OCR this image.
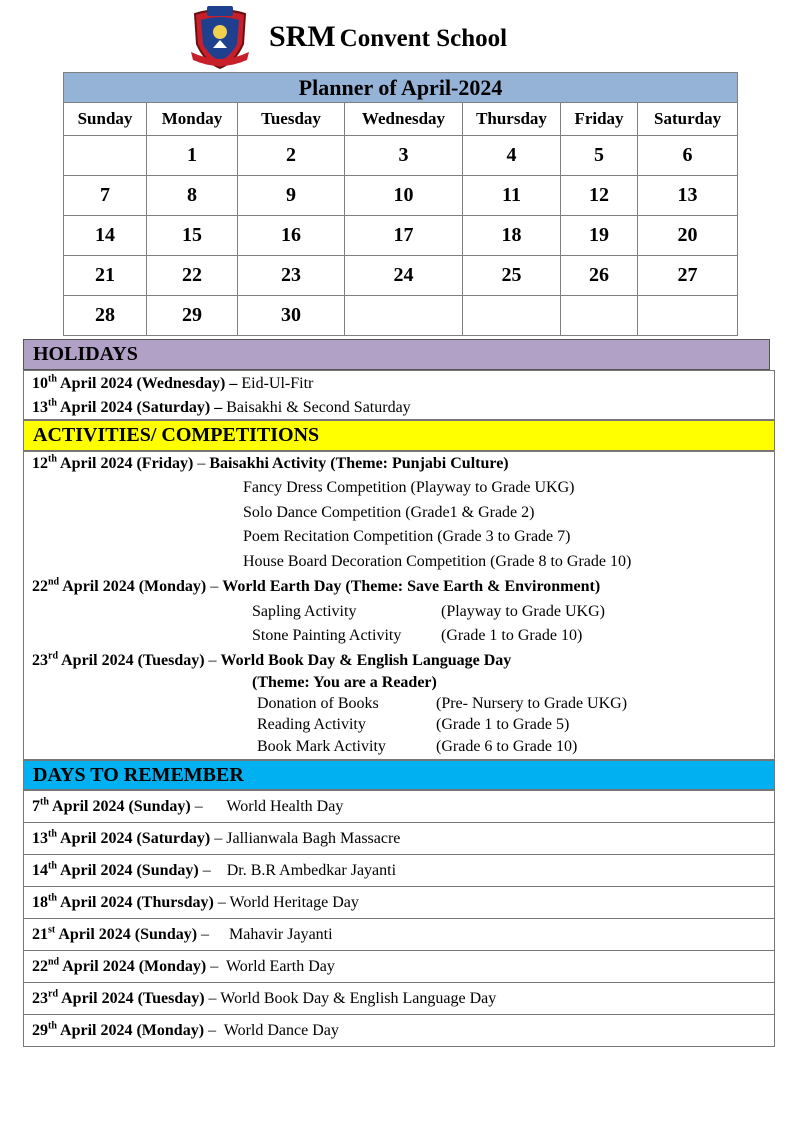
SRM Convent School
Planner of April-2024						
Sunday	Monday	Tuesday	Wednesday	Thursday	Friday	Saturday
	1	2	3	4	5	6
7	8	9	10	11	12	13
14	15	16	17	18	19	20
21	22	23	24	25	26	27
28	29	30				
HOLIDAYS
10th April 2024 (Wednesday) – Eid-Ul-Fitr
13th April 2024 (Saturday) – Baisakhi & Second Saturday
ACTIVITIES/ COMPETITIONS
12th April 2024 (Friday) – Baisakhi Activity (Theme: Punjabi Culture)
Fancy Dress Competition (Playway to Grade UKG)
Solo Dance Competition (Grade1 & Grade 2)
Poem Recitation Competition (Grade 3 to Grade 7)
House Board Decoration Competition (Grade 8 to Grade 10)
22nd April 2024 (Monday) – World Earth Day (Theme: Save Earth & Environment)
Sapling Activity	(Playway to Grade UKG)
Stone Painting Activity (Grade 1 to Grade 10)
23rd April 2024 (Tuesday) – World Book Day & English Language Day
(Theme: You are a Reader)
Donation of Books	(Pre- Nursery to Grade UKG)
Reading Activity	(Grade 1 to Grade 5)
Book Mark Activity	(Grade 6 to Grade 10)
DAYS TO REMEMBER
7th April 2024 (Sunday) –      World Health Day
13th April 2024 (Saturday) – Jallianwala Bagh Massacre
14th April 2024 (Sunday) –    Dr. B.R Ambedkar Jayanti
18th April 2024 (Thursday) – World Heritage Day
21st April 2024 (Sunday) –     Mahavir Jayanti
22nd April 2024 (Monday) –  World Earth Day
23rd April 2024 (Tuesday) – World Book Day & English Language Day
29th April 2024 (Monday) –  World Dance Day
